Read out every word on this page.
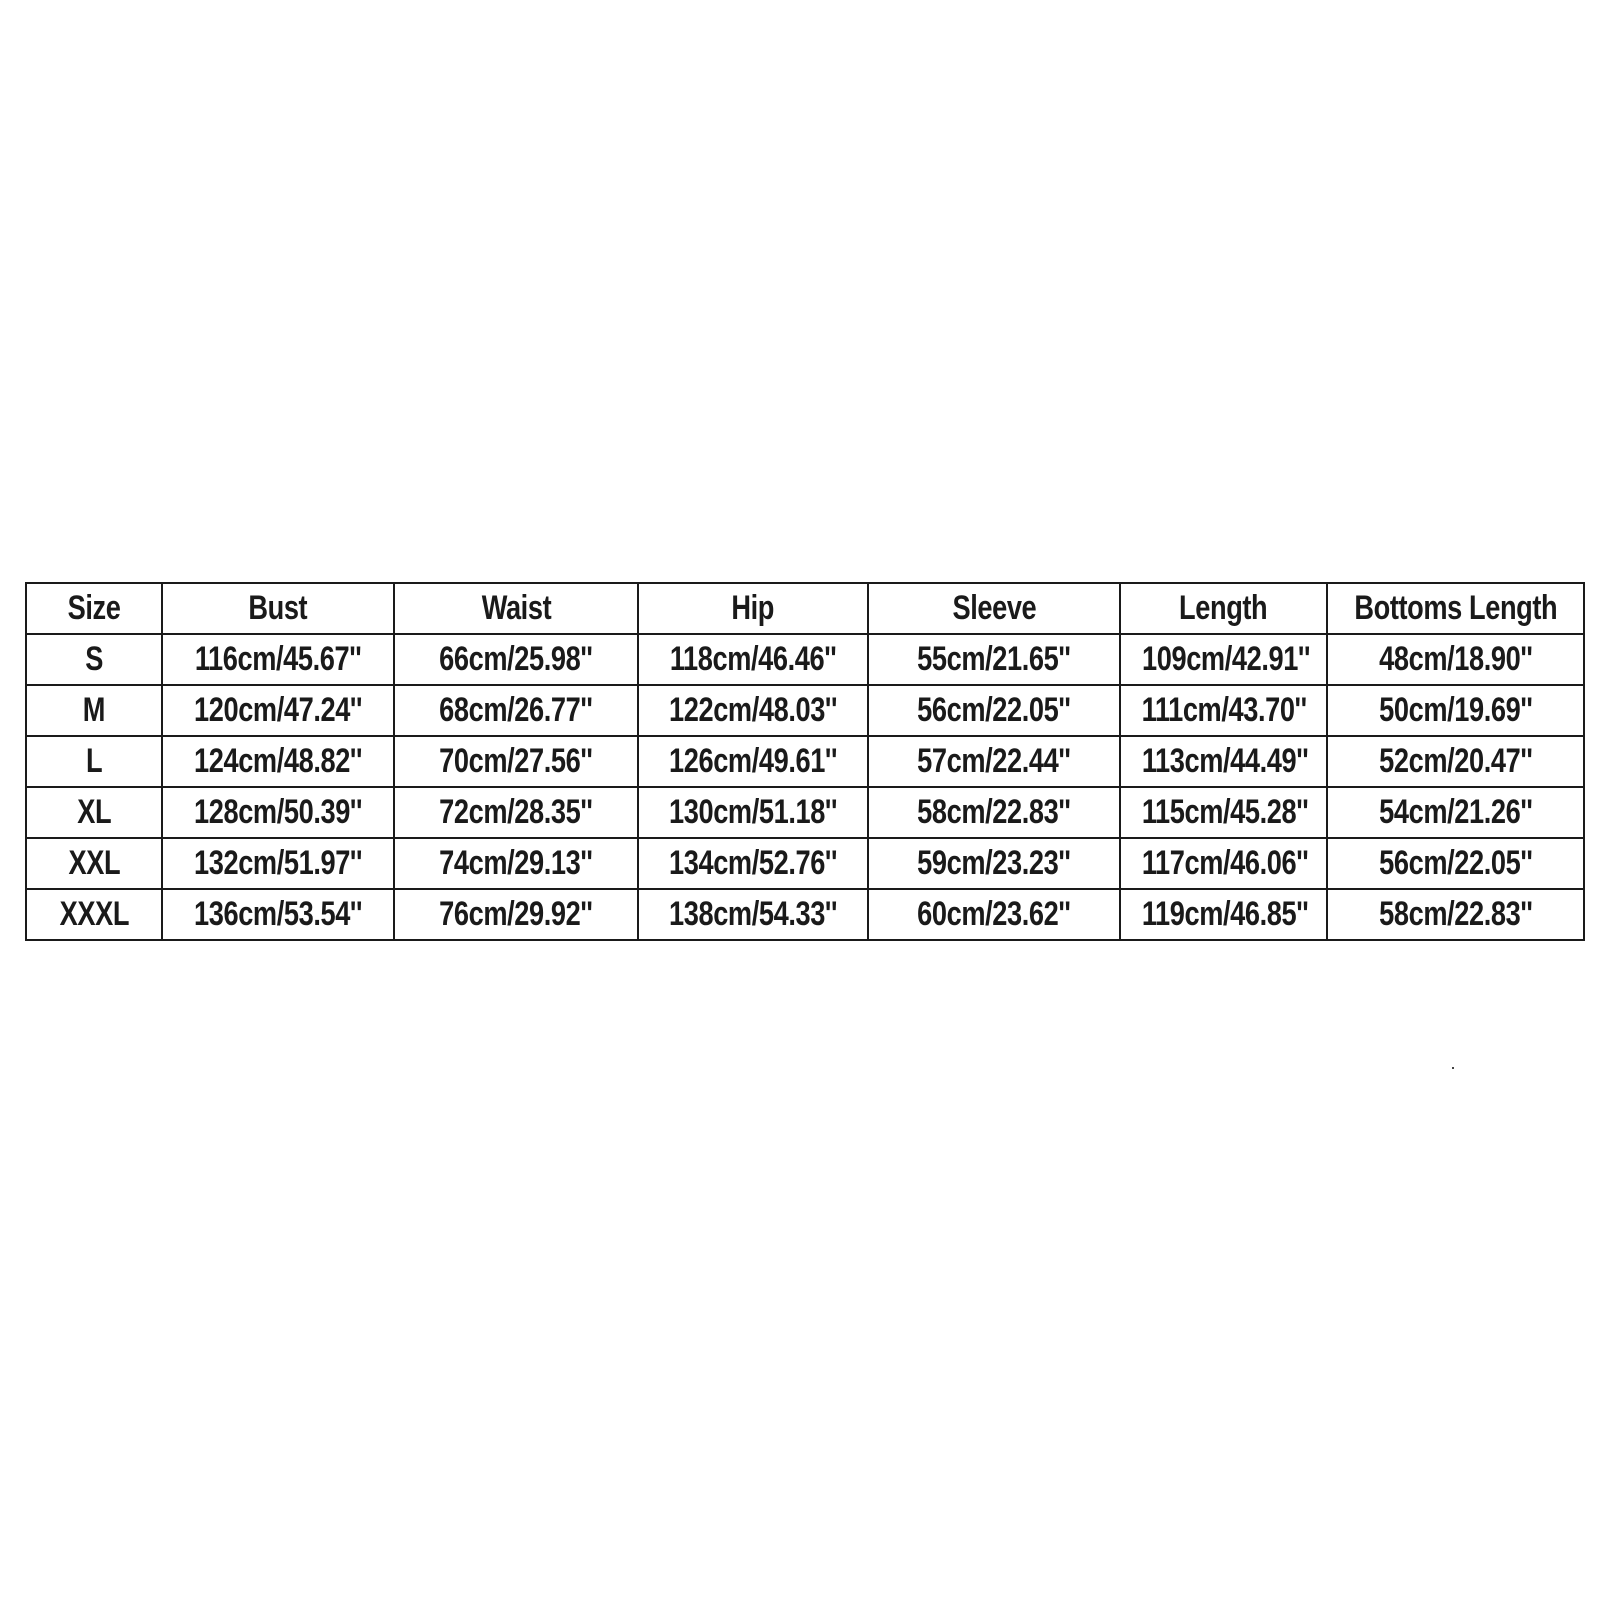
Size	Bust	Waist	Hip	Sleeve	Length	Bottoms Length
S	116cm/45.67''	66cm/25.98''	118cm/46.46''	55cm/21.65''	109cm/42.91''	48cm/18.90''
M	120cm/47.24''	68cm/26.77''	122cm/48.03''	56cm/22.05''	111cm/43.70''	50cm/19.69''
L	124cm/48.82''	70cm/27.56''	126cm/49.61''	57cm/22.44''	113cm/44.49''	52cm/20.47''
XL	128cm/50.39''	72cm/28.35''	130cm/51.18''	58cm/22.83''	115cm/45.28''	54cm/21.26''
XXL	132cm/51.97''	74cm/29.13''	134cm/52.76''	59cm/23.23''	117cm/46.06''	56cm/22.05''
XXXL	136cm/53.54''	76cm/29.92''	138cm/54.33''	60cm/23.62''	119cm/46.85''	58cm/22.83''
